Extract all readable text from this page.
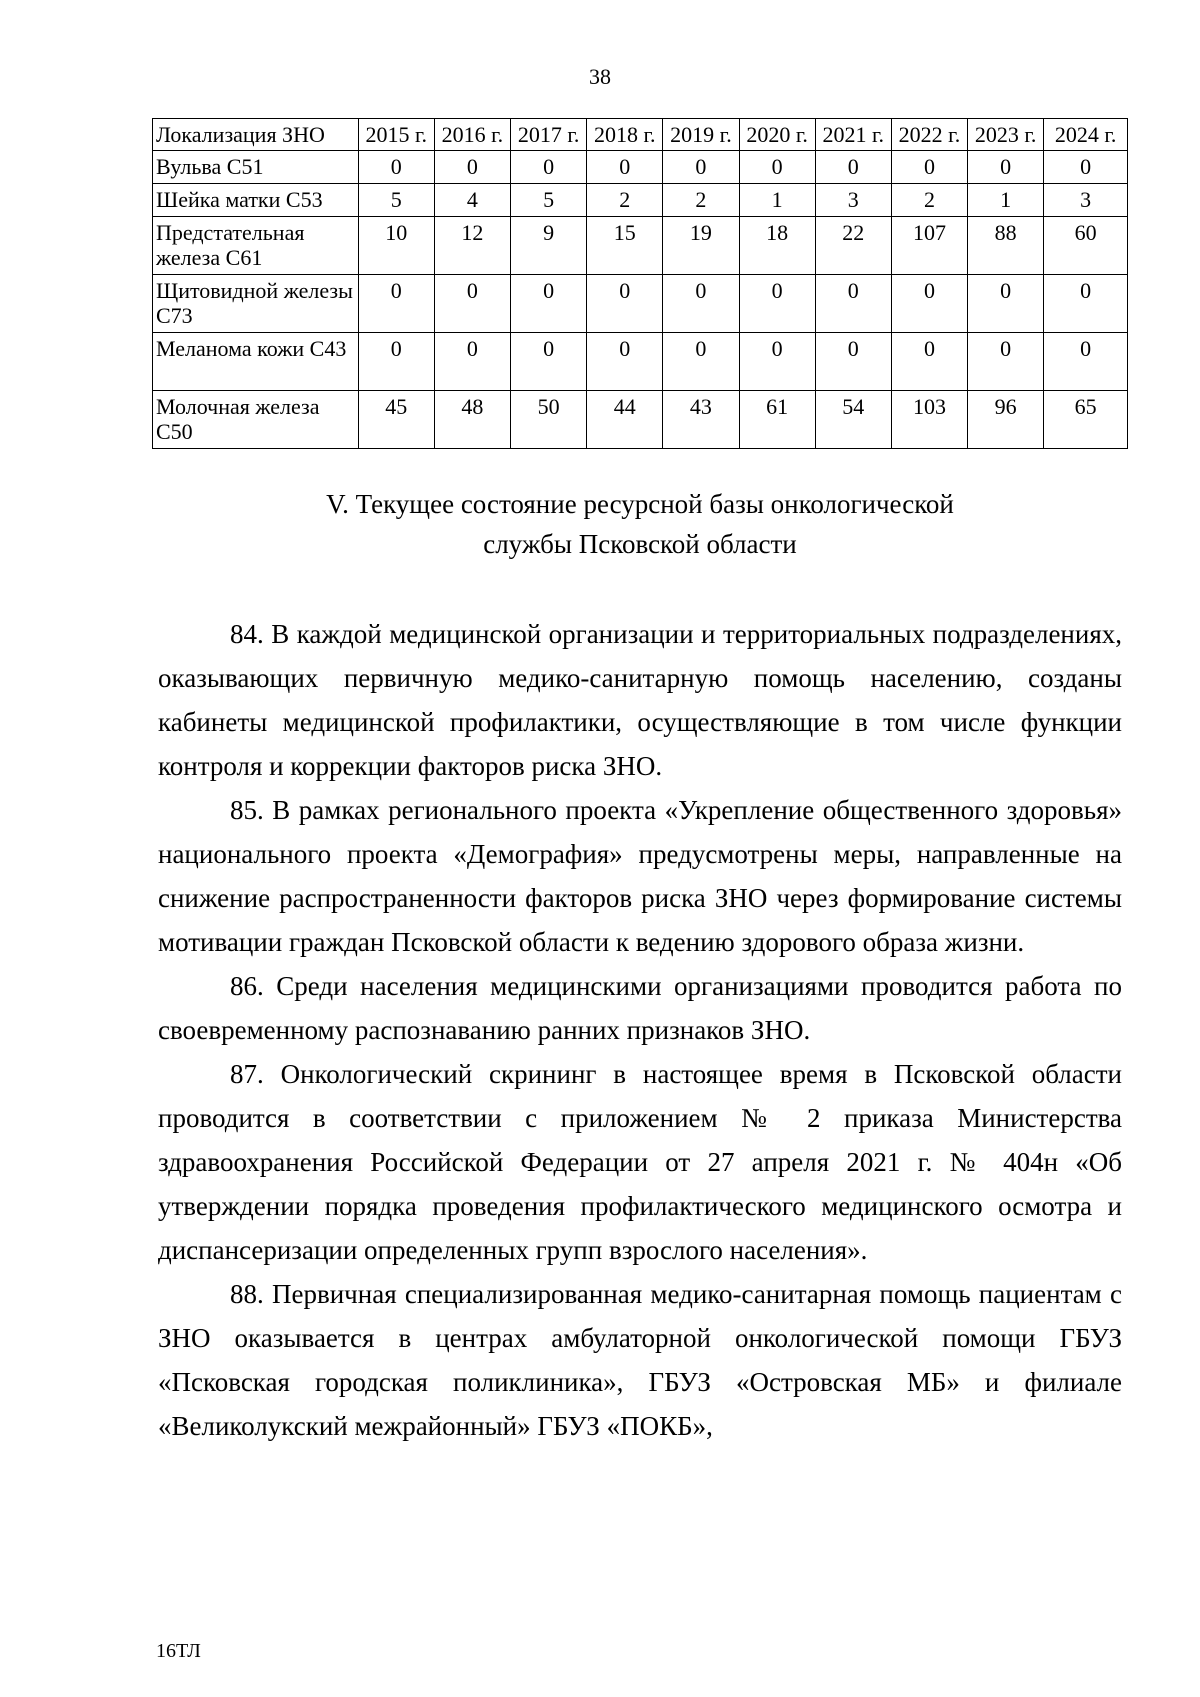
38
Локализация ЗНО	2015 г.	2016 г.	2017 г.	2018 г.	2019 г.	2020 г.	2021 г.	2022 г.	2023 г.	2024 г.
Вульва С51	0	0	0	0	0	0	0	0	0	0
Шейка матки С53	5	4	5	2	2	1	3	2	1	3
Предстательная железа С61	10	12	9	15	19	18	22	107	88	60
Щитовидной железы С73	0	0	0	0	0	0	0	0	0	0
Меланома кожи С43	0	0	0	0	0	0	0	0	0	0
Молочная железа С50	45	48	50	44	43	61	54	103	96	65
V. Текущее состояние ресурсной базы онкологической
службы Псковской области

84. В каждой медицинской организации и территориальных подразделениях, оказывающих первичную медико-санитарную помощь населению, созданы кабинеты медицинской профилактики, осуществляющие в том числе функции контроля и коррекции факторов риска ЗНО.

85. В рамках регионального проекта «Укрепление общественного здоровья» национального проекта «Демография» предусмотрены меры, направленные на снижение распространенности факторов риска ЗНО через формирование системы мотивации граждан Псковской области к ведению здорового образа жизни.

86. Среди населения медицинскими организациями проводится работа по своевременному распознаванию ранних признаков ЗНО.

87. Онкологический скрининг в настоящее время в Псковской области проводится в соответствии с приложением № 2 приказа Министерства здравоохранения Российской Федерации от 27 апреля 2021 г. № 404н «Об утверждении порядка проведения профилактического медицинского осмотра и диспансеризации определенных групп взрослого населения».

88. Первичная специализированная медико-санитарная помощь пациентам с ЗНО оказывается в центрах амбулаторной онкологической помощи ГБУЗ «Псковская городская поликлиника», ГБУЗ «Островская МБ» и филиале «Великолукский межрайонный» ГБУЗ «ПОКБ»,

16ТЛ
